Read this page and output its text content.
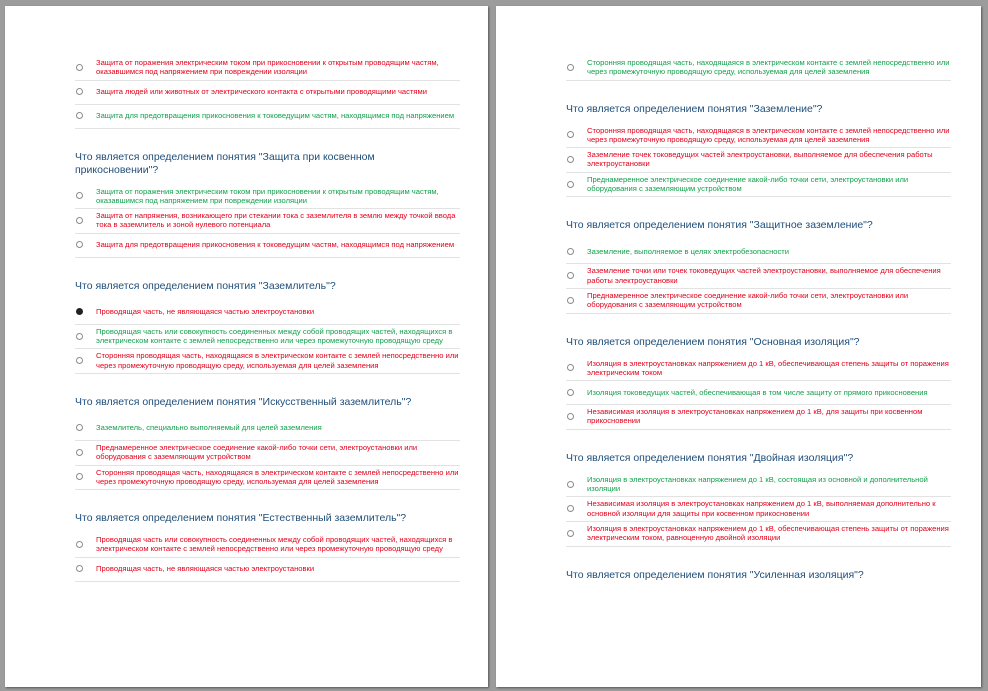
Защита от поражения электрическим током при прикосновении к открытым проводящим частям, оказавшимся под напряжением при повреждении изоляции
Защита людей или животных от электрического контакта с открытыми проводящими частями
Защита для предотвращения прикосновения к токоведущим частям, находящимся под напряжением
Что является определением понятия "Защита при косвенном прикосновении"?
Защита от поражения электрическим током при прикосновении к открытым проводящим частям, оказавшимся под напряжением при повреждении изоляции
Защита от напряжения, возникающего при стекании тока с заземлителя в землю между точкой ввода тока в заземлитель и зоной нулевого потенциала
Защита для предотвращения прикосновения к токоведущим частям, находящимся под напряжением
Что является определением понятия "Заземлитель"?
Проводящая часть, не являющаяся частью электроустановки
Проводящая часть или совокупность соединенных между собой проводящих частей, находящихся в электрическом контакте с землей непосредственно или через промежуточную проводящую среду
Сторонняя проводящая часть, находящаяся в электрическом контакте с землей непосредственно или через промежуточную проводящую среду, используемая для целей заземления
Что является определением понятия "Искусственный заземлитель"?
Заземлитель, специально выполняемый для целей заземления
Преднамеренное электрическое соединение какой-либо точки сети, электроустановки или оборудования с заземляющим устройством
Сторонняя проводящая часть, находящаяся в электрическом контакте с землей непосредственно или через промежуточную проводящую среду, используемая для целей заземления
Что является определением понятия "Естественный заземлитель"?
Проводящая часть или совокупность соединенных между собой проводящих частей, находящихся в электрическом контакте с землей непосредственно или через промежуточную проводящую среду
Проводящая часть, не являющаяся частью электроустановки
Сторонняя проводящая часть, находящаяся в электрическом контакте с землей непосредственно или через промежуточную проводящую среду, используемая для целей заземления
Что является определением понятия "Заземление"?
Сторонняя проводящая часть, находящаяся в электрическом контакте с землей непосредственно или через промежуточную проводящую среду, используемая для целей заземления
Заземление точек токоведущих частей электроустановки, выполняемое для обеспечения работы электроустановки
Преднамеренное электрическое соединение какой-либо точки сети, электроустановки или оборудования с заземляющим устройством
Что является определением понятия "Защитное заземление"?
Заземление, выполняемое в целях электробезопасности
Заземление точки или точек токоведущих частей электроустановки, выполняемое для обеспечения работы электроустановки
Преднамеренное электрическое соединение какой-либо точки сети, электроустановки или оборудования с заземляющим устройством
Что является определением понятия "Основная изоляция"?
Изоляция в электроустановках напряжением до 1 кВ, обеспечивающая степень защиты от поражения электрическим током
Изоляция токоведущих частей, обеспечивающая в том числе защиту от прямого прикосновения
Независимая изоляция в электроустановках напряжением до 1 кВ, для защиты при косвенном прикосновении
Что является определением понятия "Двойная изоляция"?
Изоляция в электроустановках напряжением до 1 кВ, состоящая из основной и дополнительной изоляции
Независимая изоляция в электроустановках напряжением до 1 кВ, выполняемая дополнительно к основной изоляции для защиты при косвенном прикосновении
Изоляция в электроустановках напряжением до 1 кВ, обеспечивающая степень защиты от поражения электрическим током, равноценную двойной изоляции
Что является определением понятия "Усиленная изоляция"?
